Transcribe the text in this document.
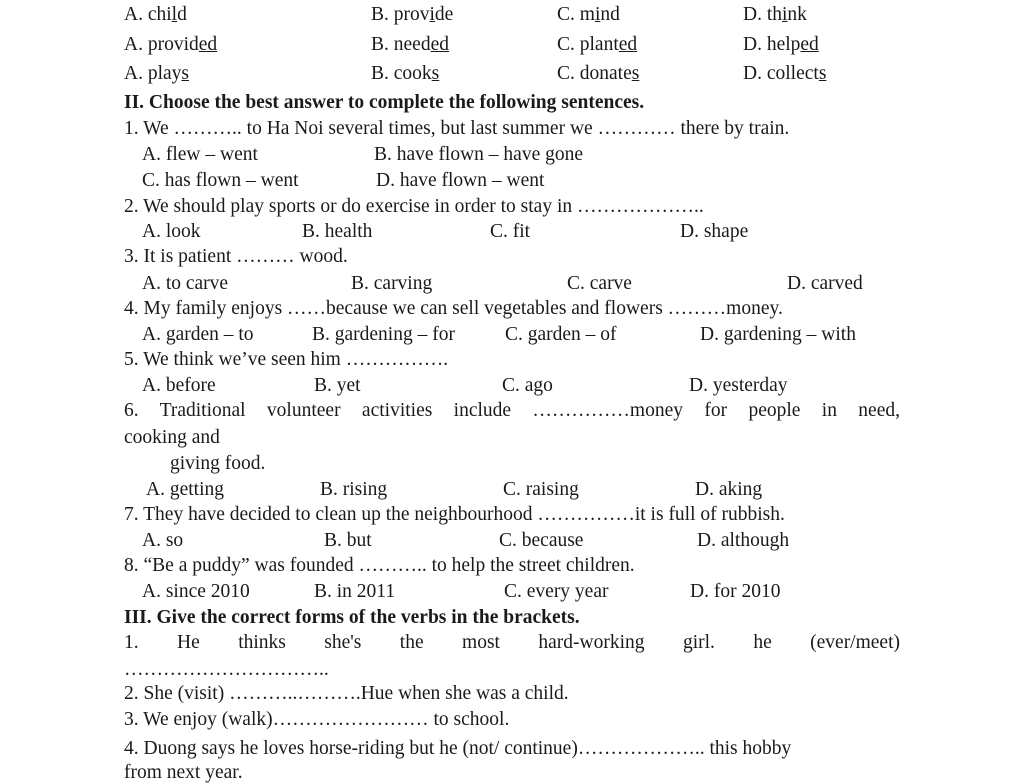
A. child	B. provide	C. mind	D. think
A. provided	B. needed	C. planted	D. helped
A. plays	B. cooks	C. donates	D. collects
II. Choose the best answer to complete the following sentences.
1. We ……….. to Ha Noi several times, but last summer we ………… there by train.
A. flew – went	B. have flown – have gone
C. has flown – went	D. have flown – went
2. We should play sports or do exercise in order to stay in ………………..
A. look	B. health	C. fit	D. shape
3. It is patient ……… wood.
A. to carve	B. carving	C. carve	D. carved
4. My family enjoys ……because we can sell vegetables and flowers ………money.
A. garden – to	B. gardening – for	C. garden – of	D. gardening – with
5. We think we’ve seen him …………….
A. before	B. yet	C. ago	D. yesterday
6. Traditional volunteer activities include ……………money for people in need,
cooking and
giving food.
A. getting	B. rising	C. raising	D. aking
7. They have decided to clean up the neighbourhood ……………it is full of rubbish.
A. so	B. but	C. because	D. although
8. “Be a puddy” was founded ……….. to help the street children.
A. since 2010	B. in 2011	C. every year	D. for 2010
III. Give the correct forms of the verbs in the brackets.
1. He thinks she's the most hard-working girl. he (ever/meet)
…………………………..
2. She (visit) ………..……….Hue when she was a child.
3. We enjoy (walk)…………………… to school.
4. Duong says he loves horse-riding but he (not/ continue)……………….. this hobby
from next year.
